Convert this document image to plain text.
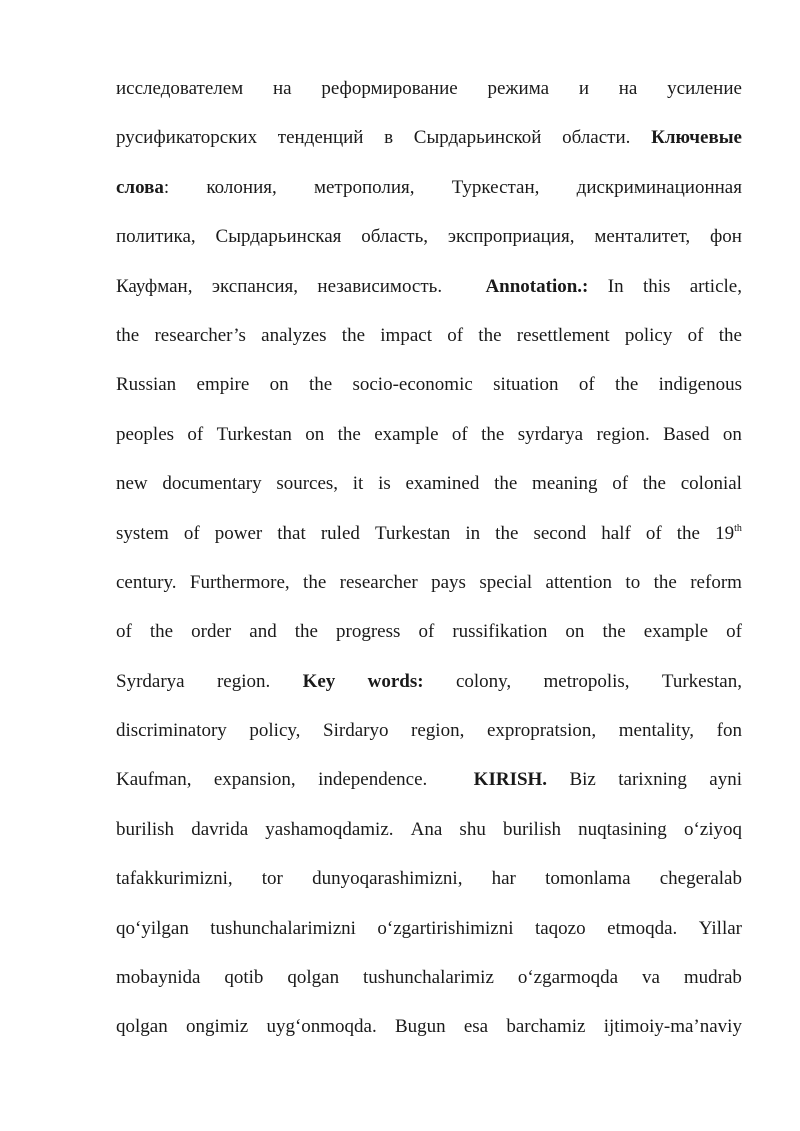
исследователем на реформирование режима и на усиление
русификаторских тенденций в Сырдарьинской области. Ключевые
слова: колония, метрополия, Туркестан, дискриминационная
политика, Сырдарьинская область, экспроприация, менталитет, фон
Кауфман, экспансия, независимость. Annotation.: In this article,
the researcher’s analyzes the impact of the resettlement policy of the
Russian empire on the socio-economic situation of the indigenous
peoples of Turkestan on the example of the syrdarya region. Based on
new documentary sources, it is examined the meaning of the colonial
system of power that ruled Turkestan in the second half of the 19th
century. Furthermore, the researcher pays special attention to the reform
of the order and the progress of russifikation on the example of
Syrdarya region. Key words: colony, metropolis, Turkestan,
discriminatory policy, Sirdaryo region, expropratsion, mentality, fon
Kaufman, expansion, independence. KIRISH. Biz tarixning ayni
burilish davrida yashamoqdamiz. Ana shu burilish nuqtasining o‘ziyoq
tafakkurimizni, tor dunyoqarashimizni, har tomonlama chegeralab
qo‘yilgan tushunchalarimizni o‘zgartirishimizni taqozo etmoqda. Yillar
mobaynida qotib qolgan tushunchalarimiz o‘zgarmoqda va mudrab
qolgan ongimiz uyg‘onmoqda. Bugun esa barchamiz ijtimoiy-ma’naviy
